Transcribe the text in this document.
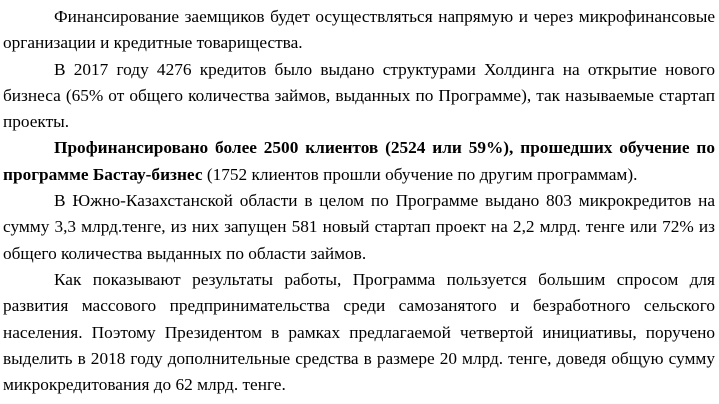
Финансирование заемщиков будет осуществляться напрямую и через микрофинансовые организации и кредитные товарищества.

В 2017 году 4276 кредитов было выдано структурами Холдинга на открытие нового бизнеса (65% от общего количества займов, выданных по Программе), так называемые стартап проекты.

Профинансировано более 2500 клиентов (2524 или 59%), прошедших обучение по программе Бастау-бизнес (1752 клиентов прошли обучение по другим программам).

В Южно-Казахстанской области в целом по Программе выдано 803 микрокредитов на сумму 3,3 млрд.тенге, из них запущен 581 новый стартап проект на 2,2 млрд. тенге или 72% из общего количества выданных по области займов.

Как показывают результаты работы, Программа пользуется большим спросом для развития массового предпринимательства среди самозанятого и безработного сельского населения. Поэтому Президентом в рамках предлагаемой четвертой инициативы, поручено выделить в 2018 году дополнительные средства в размере 20 млрд. тенге, доведя общую сумму микрокредитования до 62 млрд. тенге.
